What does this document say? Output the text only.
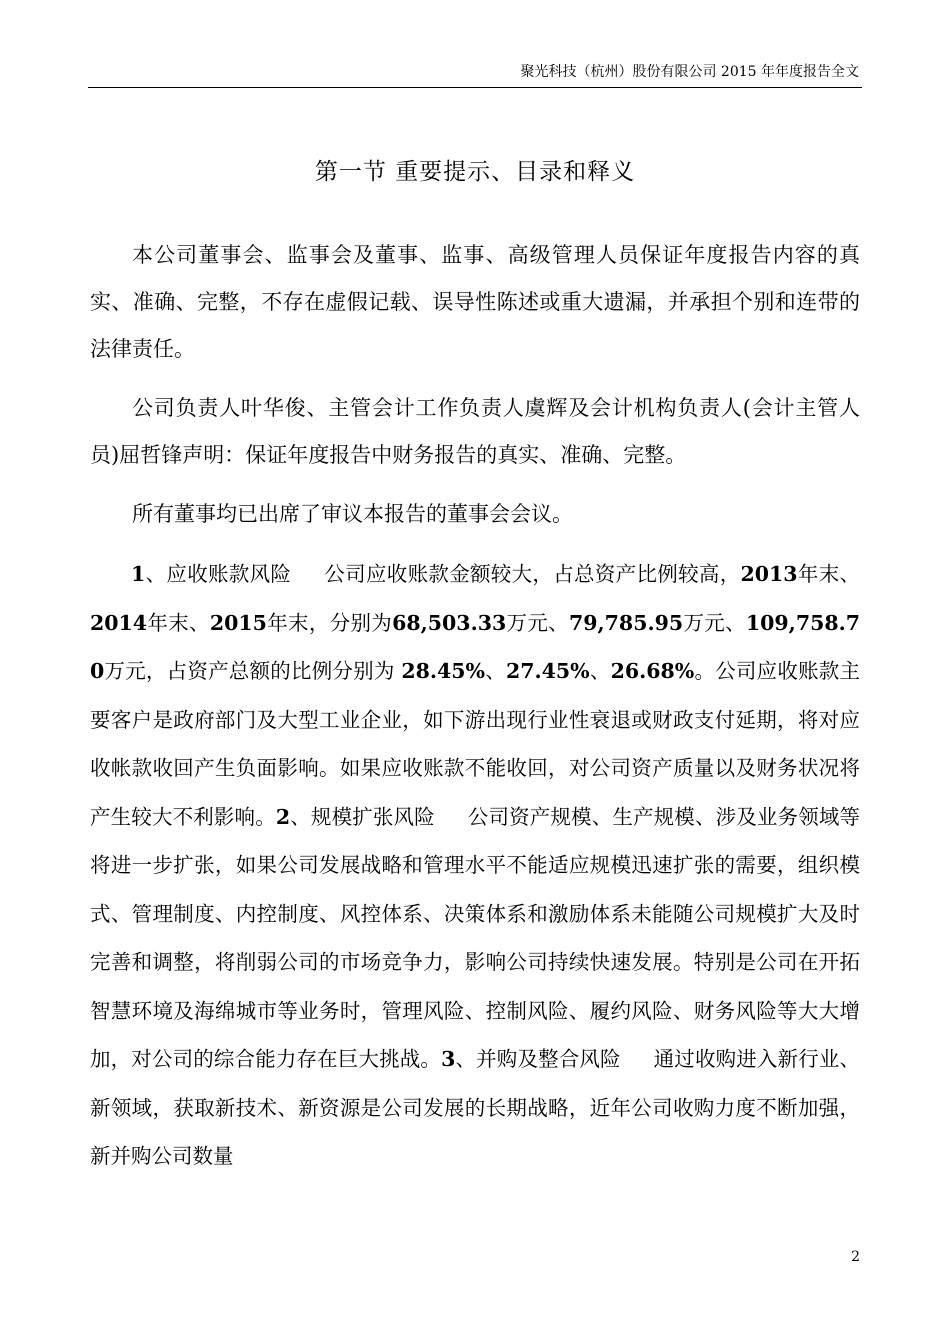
聚光科技（杭州）股份有限公司 2015 年年度报告全文
第一节 重要提示、目录和释义

本公司董事会、监事会及董事、监事、高级管理人员保证年度报告内容的真实、准确、完整，不存在虚假记载、误导性陈述或重大遗漏，并承担个别和连带的法律责任。

公司负责人叶华俊、主管会计工作负责人虞辉及会计机构负责人(会计主管人员)屈哲锋声明：保证年度报告中财务报告的真实、准确、完整。

所有董事均已出席了审议本报告的董事会会议。

1、应收账款风险 公司应收账款金额较大，占总资产比例较高，2013年末、2014年末、2015年末，分别为68,503.33万元、79,785.95万元、109,758.70万元，占资产总额的比例分别为 28.45%、27.45%、26.68%。公司应收账款主要客户是政府部门及大型工业企业，如下游出现行业性衰退或财政支付延期，将对应收帐款收回产生负面影响。如果应收账款不能收回，对公司资产质量以及财务状况将产生较大不利影响。2、规模扩张风险 公司资产规模、生产规模、涉及业务领域等将进一步扩张，如果公司发展战略和管理水平不能适应规模迅速扩张的需要，组织模式、管理制度、内控制度、风控体系、决策体系和激励体系未能随公司规模扩大及时完善和调整，将削弱公司的市场竞争力，影响公司持续快速发展。特别是公司在开拓智慧环境及海绵城市等业务时，管理风险、控制风险、履约风险、财务风险等大大增加，对公司的综合能力存在巨大挑战。3、并购及整合风险 通过收购进入新行业、新领域，获取新技术、新资源是公司发展的长期战略，近年公司收购力度不断加强，新并购公司数量

2
